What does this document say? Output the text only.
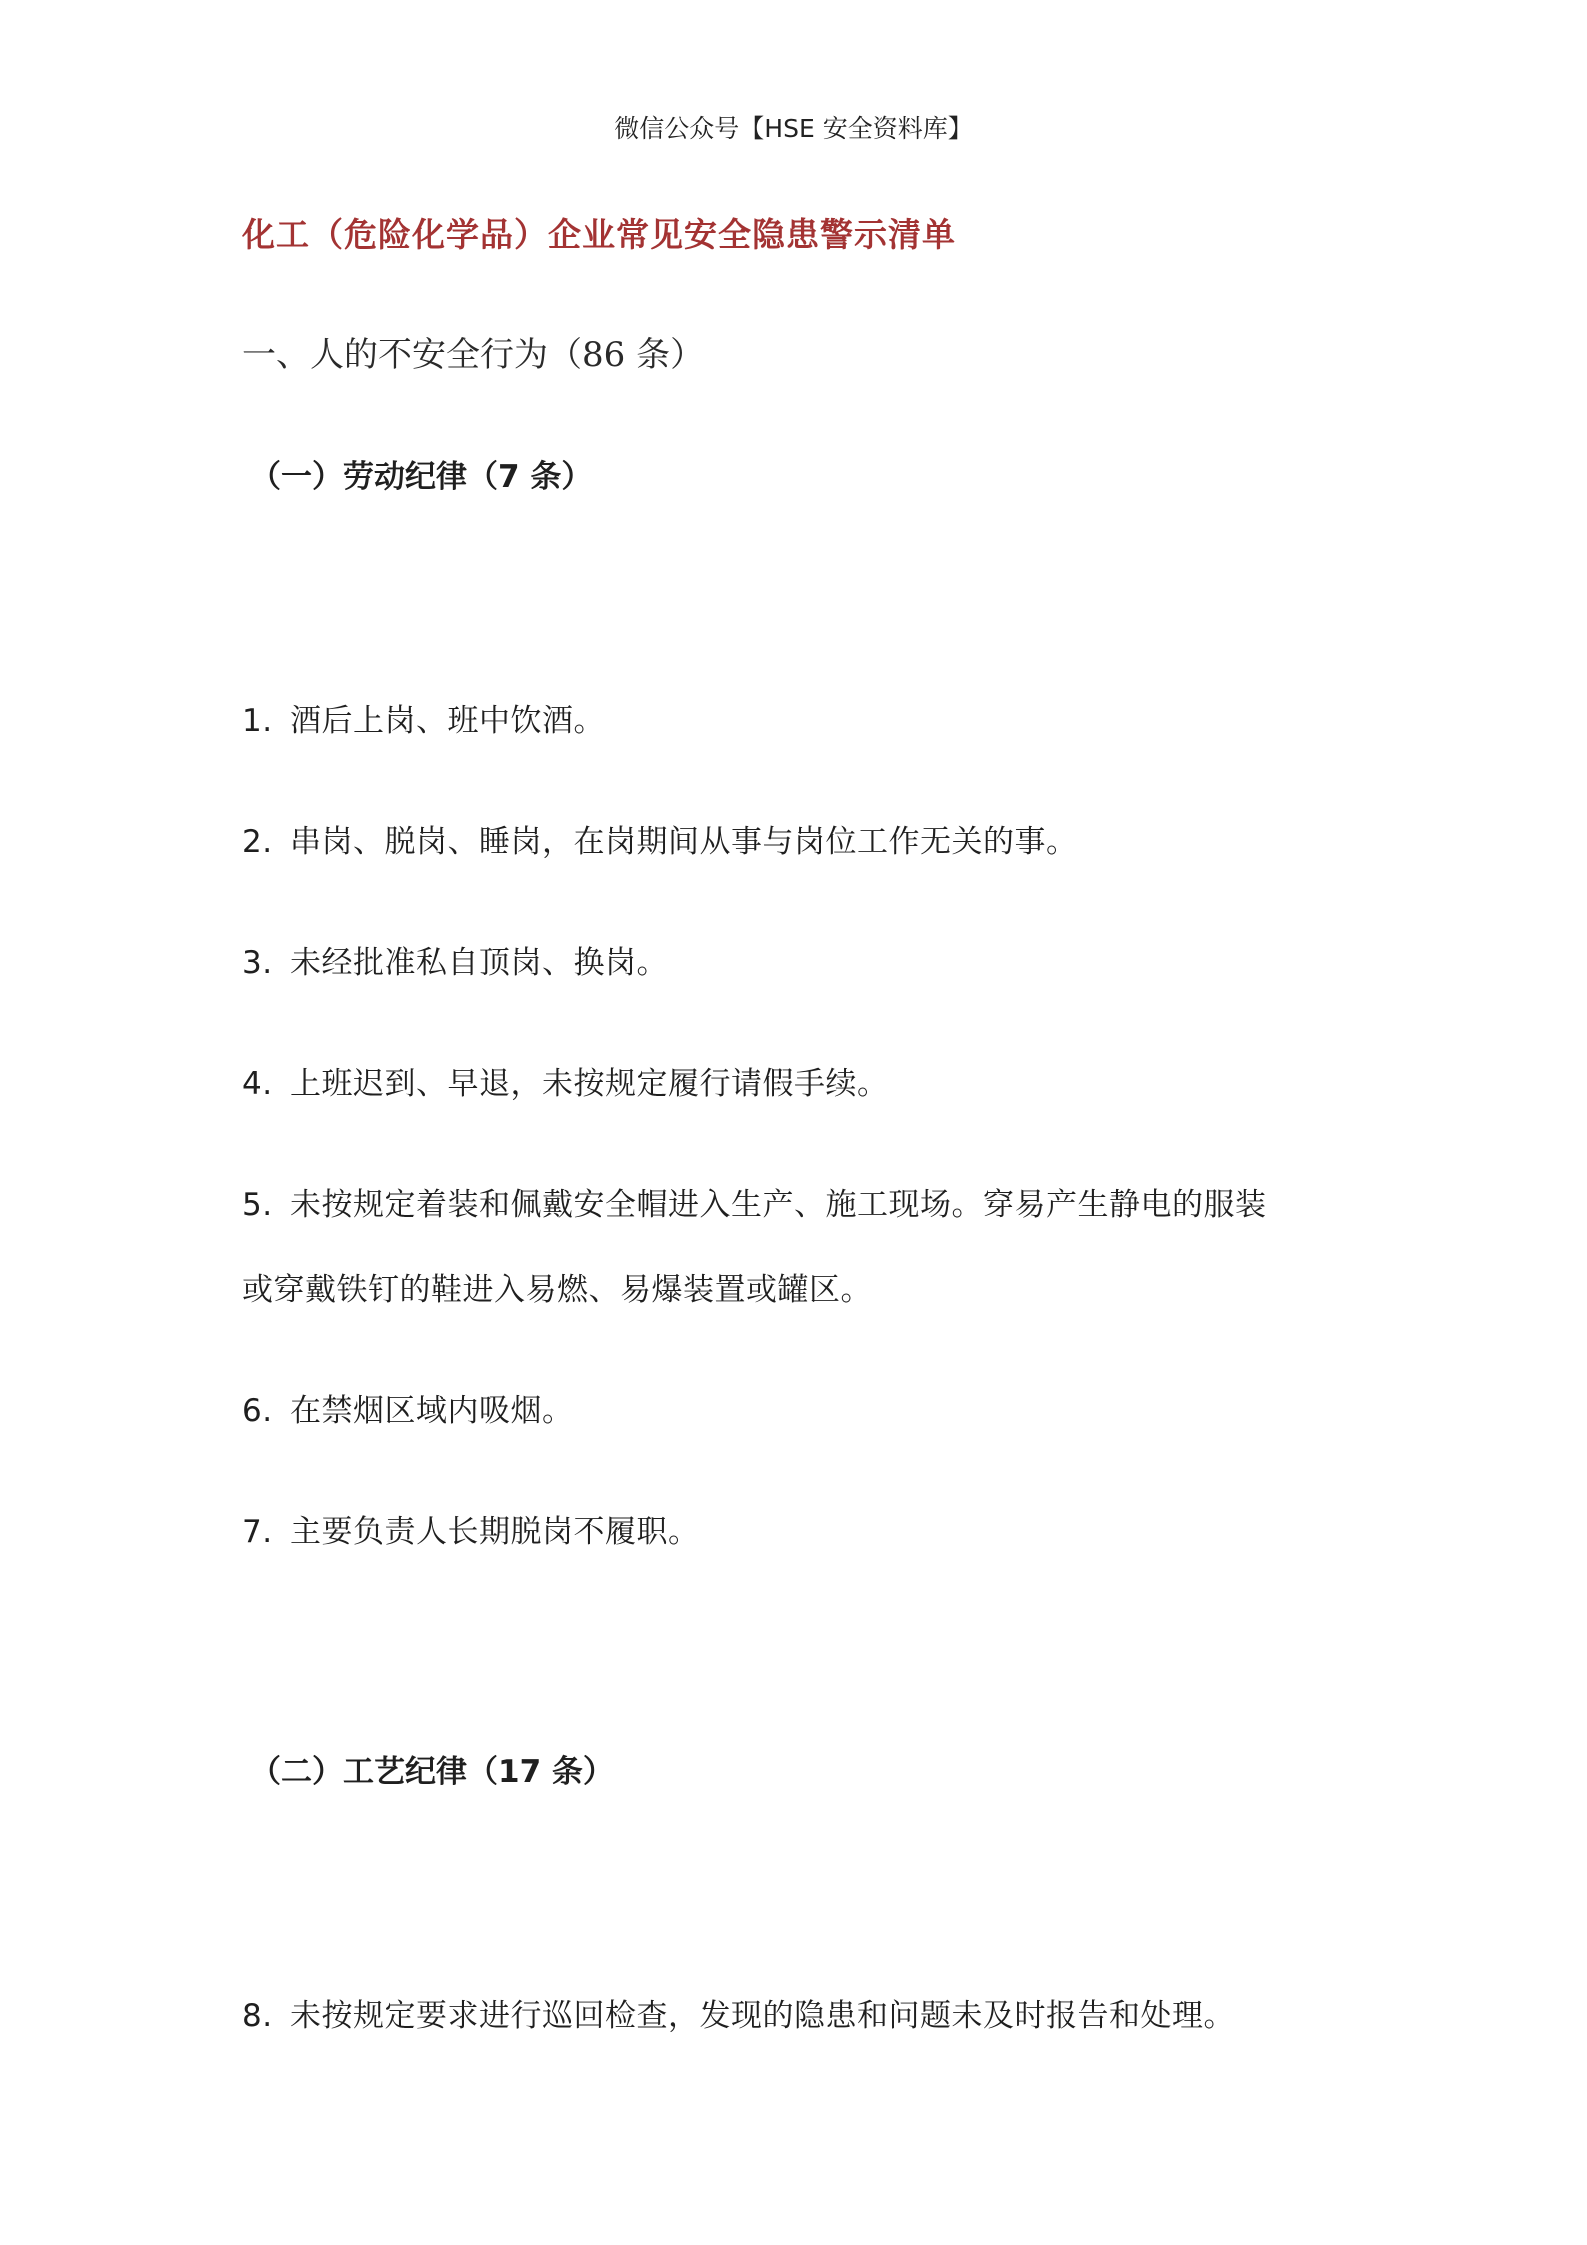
微信公众号【HSE 安全资料库】
化工（危险化学品）企业常见安全隐患警示清单
一、人的不安全行为（86 条）
（一）劳动纪律（7 条）
1. 酒后上岗、班中饮酒。
2. 串岗、脱岗、睡岗，在岗期间从事与岗位工作无关的事。
3. 未经批准私自顶岗、换岗。
4. 上班迟到、早退，未按规定履行请假手续。
5. 未按规定着装和佩戴安全帽进入生产、施工现场。穿易产生静电的服装
或穿戴铁钉的鞋进入易燃、易爆装置或罐区。
6. 在禁烟区域内吸烟。
7. 主要负责人长期脱岗不履职。
（二）工艺纪律（17 条）
8. 未按规定要求进行巡回检查，发现的隐患和问题未及时报告和处理。
